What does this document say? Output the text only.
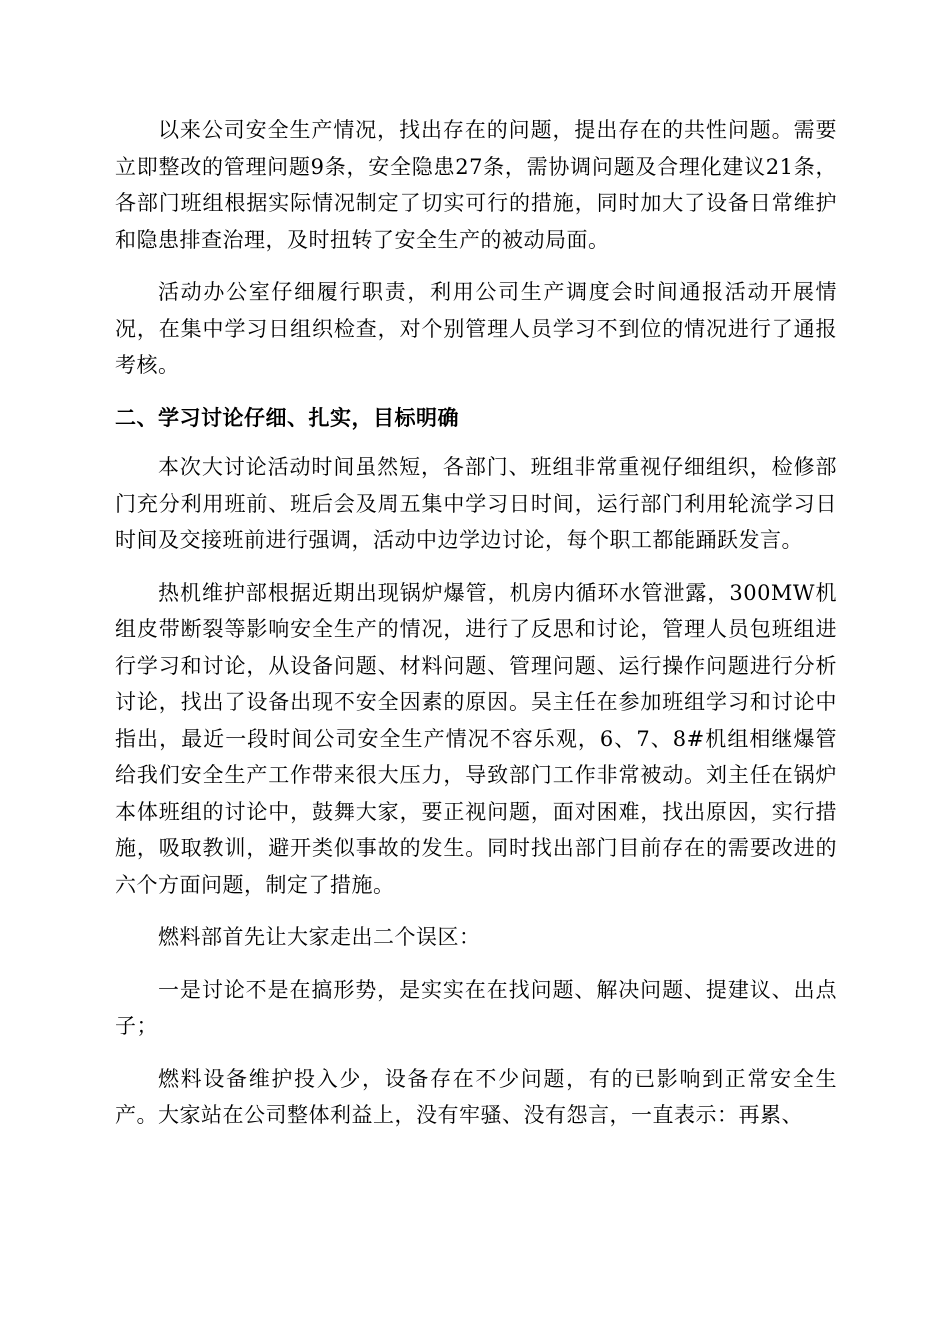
以来公司安全生产情况，找出存在的问题，提出存在的共性问题。需要立即整改的管理问题9条，安全隐患27条，需协调问题及合理化建议21条，各部门班组根据实际情况制定了切实可行的措施，同时加大了设备日常维护和隐患排查治理，及时扭转了安全生产的被动局面。

活动办公室仔细履行职责，利用公司生产调度会时间通报活动开展情况，在集中学习日组织检查，对个别管理人员学习不到位的情况进行了通报考核。

二、学习讨论仔细、扎实，目标明确

本次大讨论活动时间虽然短，各部门、班组非常重视仔细组织，检修部门充分利用班前、班后会及周五集中学习日时间，运行部门利用轮流学习日时间及交接班前进行强调，活动中边学边讨论，每个职工都能踊跃发言。

热机维护部根据近期出现锅炉爆管，机房内循环水管泄露，300MW机组皮带断裂等影响安全生产的情况，进行了反思和讨论，管理人员包班组进行学习和讨论，从设备问题、材料问题、管理问题、运行操作问题进行分析讨论，找出了设备出现不安全因素的原因。吴主任在参加班组学习和讨论中指出，最近一段时间公司安全生产情况不容乐观，6、7、8#机组相继爆管给我们安全生产工作带来很大压力，导致部门工作非常被动。刘主任在锅炉本体班组的讨论中，鼓舞大家，要正视问题，面对困难，找出原因，实行措施，吸取教训，避开类似事故的发生。同时找出部门目前存在的需要改进的六个方面问题，制定了措施。

燃料部首先让大家走出二个误区：

一是讨论不是在搞形势，是实实在在找问题、解决问题、提建议、出点子；

燃料设备维护投入少，设备存在不少问题，有的已影响到正常安全生产。大家站在公司整体利益上，没有牢骚、没有怨言，一直表示：再累、
